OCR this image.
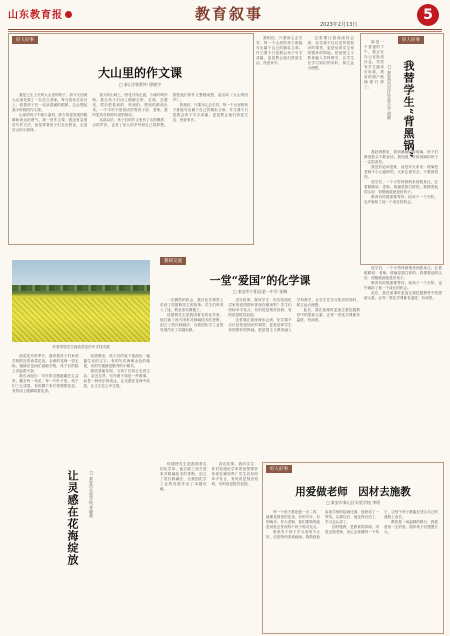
山东教育报	教育叙事	5
2023年2月13日
好人好事
大山里的作文课
□ 泰山学院附中 徐晓宇

我是土生土长的大山里的孩子，如今又回到大山深处做了一名语文老师。每当我站在讲台上，看着孩子们一双双清澈的眼睛，总会想起我小时候的作文课。

山里的孩子不缺少素材，缺少的是发现的眼睛和表达的勇气。第一堂作文课，我没有急着讲写作方法，而是带着孩子们走出教室，走进后山的小树林。

春天的山坡上，野花开得正盛，小溪叮咚作响。我让孩子们闭上眼睛去听、去闻、去感受，然后把看到的、听到的、想到的都说出来。一个平时不爱说话的男孩子说：老师，我听见风在和树叶说悄悄话。

从那以后，孩子们的作文里有了山的模样、水的声音，也有了家人的辛劳和自己的梦想。我把他们的作文整理成册，起名叫《大山的回声》。

我相信，只要用心去引导，每一个山里的孩子都能写出属于自己的精彩文章。作文课不只是教会孩子写字成篇，更是教会他们热爱生活、热爱家乡。

作者带领学生到油菜花田中寻找灵感

油菜花开的季节，我带着孩子们来到学校附近的油菜花田。金黄的花海一望无际，蜜蜂在花间忙碌地穿梭，孩子们的脸上洋溢着兴奋。

我告诉他们：写作的灵感就藏在生活里，藏在每一朵花、每一片叶子里。孩子们三五成群，有的蹲下来仔细观察花蕊，有的闭上眼睛闻着花香。

回到教室，孩子们的笔下流淌出一篇篇生动的文字。有的写花海像金色的地毯，有的写蜜蜂是勤劳的小精灵。

我欣喜地发现，当孩子们真正走进生活、亲近自然，写作便不再是一件难事，而是一种快乐的表达。让灵感在花海中绽放，让文字在心中生根。

让灵感在花海绽放	□ 泰安市实验学校 李晓燕
教研交流
一堂“爱国”的化学课
□ 泰安市宁阳县第一中学 张琳

一次偶然的机会，我在化学课堂上讲到了侯德榜先生的故事。学生们听得入了迷，教室里安静极了。

侯德榜先生是我国著名的化学家，他打破了西方国家对制碱技术的垄断，创立了侯氏制碱法，为我国化学工业的发展作出了卓越贡献。

讲完故事，我问学生：你们知道化学家的爱国情怀体现在哪里吗？学生们纷纷举手发言，有的说是刻苦钻研，有的说是报效祖国。

这堂课让我深深体会到，化学课不仅仅是传授知识的课堂，更是培养学生家国情怀的阵地。把爱国主义教育融入学科教学，让学生在学习知识的同时，树立远大理想。

此后，我在备课时更加注重挖掘教材中的思政元素，让每一堂化学课都有温度、有深度。

我相信，只要用心去引导，每一个山里的孩子都能写出属于自己的精彩文章。作文课不只是教会孩子写字成篇，更是教会他们热爱生活、热爱家乡。

这堂课让我深深体会到，化学课不仅仅是传授知识的课堂，更是培养学生家国情怀的阵地。把爱国主义教育融入学科教学，让学生在学习知识的同时，树立远大理想。

好人好事
我替学生“背黑锅”
□ 泰安市岱岳区实验小学 胡静

那是一个普通的下午，我正在办公室批改作业，突然有学生跑来告诉我，教室的窗户玻璃被打碎了。

我赶到教室，看到满地的碎玻璃，孩子们都低着头不敢说话。我知道，打碎玻璃的孩子一定很害怕。

我没有追问是谁，而是对大家说：玻璃是老师不小心碰碎的，大家注意安全，不要被划伤。

放学后，一个小男孩悄悄来到我身边，红着眼睛说：老师，玻璃是我打碎的。我摸着他的头说：知错就改就是好孩子。

教育有时候需要等待，给孩子一个台阶，也许就给了他一个成长的机会。

放学后，一个小男孩悄悄来到我身边，红着眼睛说：老师，玻璃是我打碎的。我摸着他的头说：知错就改就是好孩子。

教育有时候需要等待，给孩子一个台阶，也许就给了他一个成长的机会。

此后，我在备课时更加注重挖掘教材中的思政元素，让每一堂化学课都有温度、有深度。

侯德榜先生是我国著名的化学家，他打破了西方国家对制碱技术的垄断，创立了侯氏制碱法，为我国化学工业的发展作出了卓越贡献。

讲完故事，我问学生：你们知道化学家的爱国情怀体现在哪里吗？学生们纷纷举手发言，有的说是刻苦钻研，有的说是报效祖国。

好人好事
用爱做老师　因材去施教
□ 泰安市泰山区实验学校 李明

每一个孩子都是独一无二的，就像花园里的花朵，有的早开，有的晚开。作为老师，我们要做的就是用爱去发现每个孩子的闪光点。

班里有个孩子学习成绩不太好，但是特别喜欢画画。我鼓励他参加学校的绘画比赛，他获得了一等奖。从那以后，他变得自信了，学习也认真了。

因材施教，是教育的真谛。用爱去做老师，用心去读懂每一个孩子，让每个孩子都能在适合自己的道路上成长。

教育是一场温暖的修行，我愿意用一生的爱，陪伴孩子们慢慢长大。
